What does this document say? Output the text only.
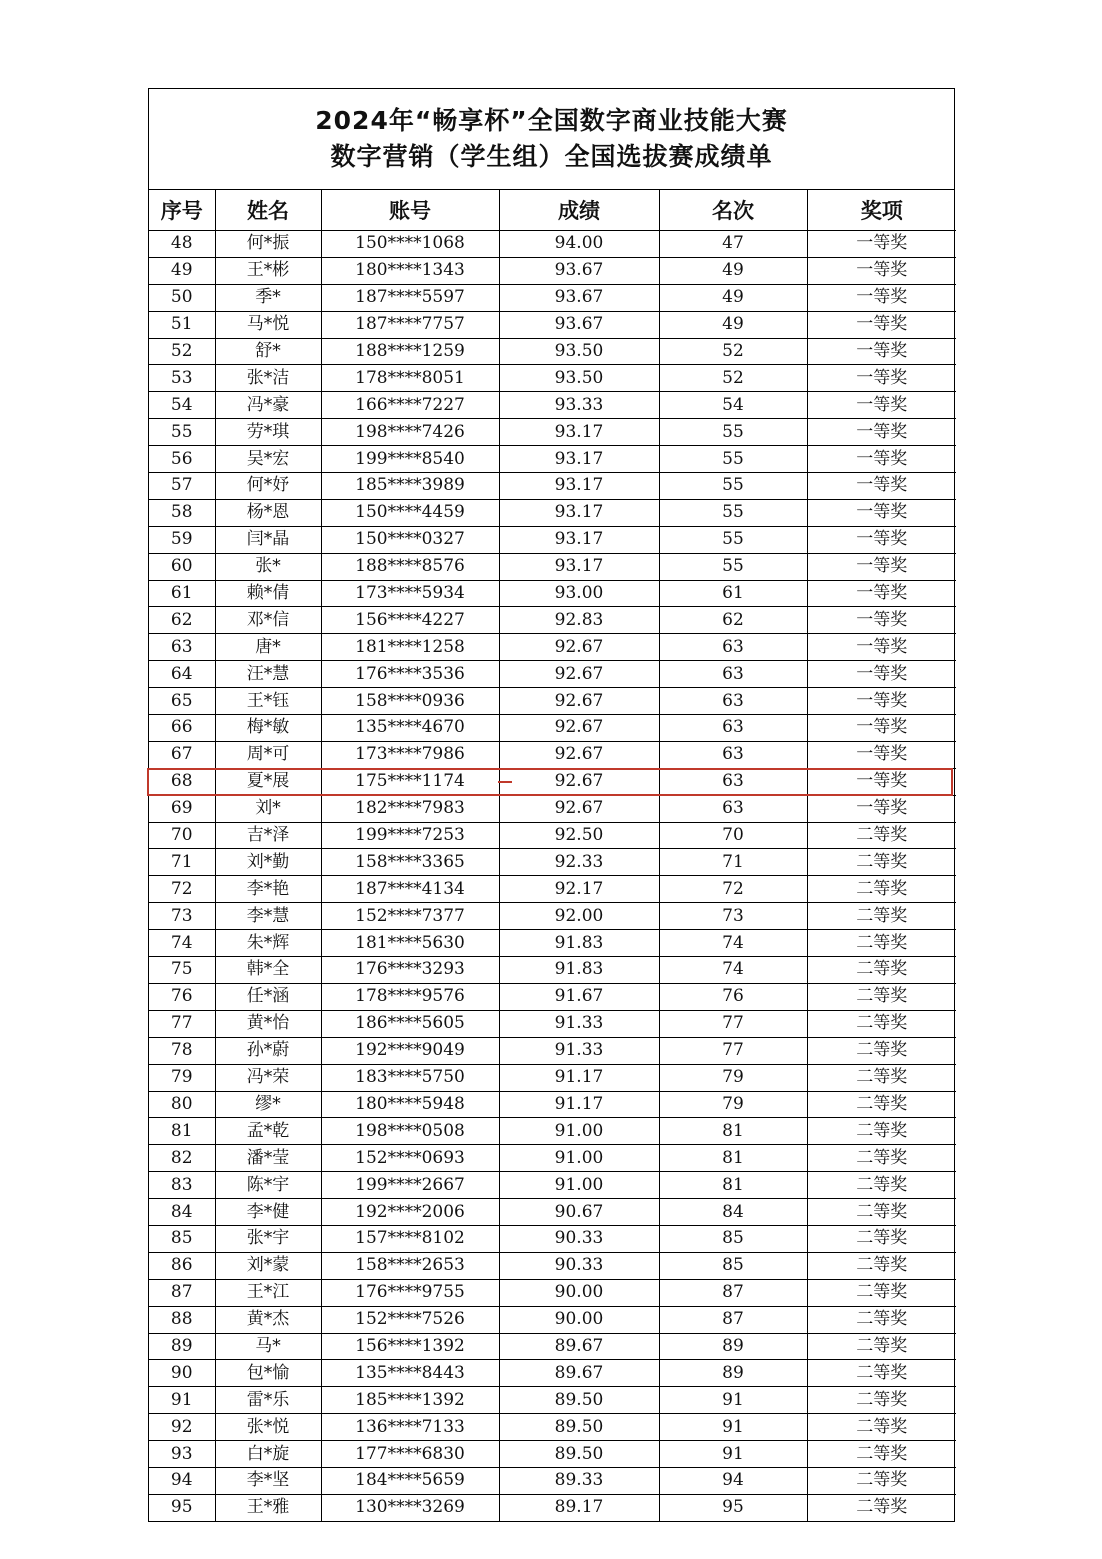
2024年“畅享杯”全国数字商业技能大赛
数字营销（学生组）全国选拔赛成绩单
序号	姓名	账号	成绩	名次	奖项
48	何*振	150****1068	94.00	47	一等奖
49	王*彬	180****1343	93.67	49	一等奖
50	季*	187****5597	93.67	49	一等奖
51	马*悦	187****7757	93.67	49	一等奖
52	舒*	188****1259	93.50	52	一等奖
53	张*洁	178****8051	93.50	52	一等奖
54	冯*豪	166****7227	93.33	54	一等奖
55	劳*琪	198****7426	93.17	55	一等奖
56	吴*宏	199****8540	93.17	55	一等奖
57	何*妤	185****3989	93.17	55	一等奖
58	杨*恩	150****4459	93.17	55	一等奖
59	闫*晶	150****0327	93.17	55	一等奖
60	张*	188****8576	93.17	55	一等奖
61	赖*倩	173****5934	93.00	61	一等奖
62	邓*信	156****4227	92.83	62	一等奖
63	唐*	181****1258	92.67	63	一等奖
64	汪*慧	176****3536	92.67	63	一等奖
65	王*钰	158****0936	92.67	63	一等奖
66	梅*敏	135****4670	92.67	63	一等奖
67	周*可	173****7986	92.67	63	一等奖
68	夏*展	175****1174	92.67	63	一等奖
69	刘*	182****7983	92.67	63	一等奖
70	吉*泽	199****7253	92.50	70	二等奖
71	刘*勤	158****3365	92.33	71	二等奖
72	李*艳	187****4134	92.17	72	二等奖
73	李*慧	152****7377	92.00	73	二等奖
74	朱*辉	181****5630	91.83	74	二等奖
75	韩*全	176****3293	91.83	74	二等奖
76	任*涵	178****9576	91.67	76	二等奖
77	黄*怡	186****5605	91.33	77	二等奖
78	孙*蔚	192****9049	91.33	77	二等奖
79	冯*荣	183****5750	91.17	79	二等奖
80	缪*	180****5948	91.17	79	二等奖
81	孟*乾	198****0508	91.00	81	二等奖
82	潘*莹	152****0693	91.00	81	二等奖
83	陈*宇	199****2667	91.00	81	二等奖
84	李*健	192****2006	90.67	84	二等奖
85	张*宇	157****8102	90.33	85	二等奖
86	刘*蒙	158****2653	90.33	85	二等奖
87	王*江	176****9755	90.00	87	二等奖
88	黄*杰	152****7526	90.00	87	二等奖
89	马*	156****1392	89.67	89	二等奖
90	包*愉	135****8443	89.67	89	二等奖
91	雷*乐	185****1392	89.50	91	二等奖
92	张*悦	136****7133	89.50	91	二等奖
93	白*旋	177****6830	89.50	91	二等奖
94	李*坚	184****5659	89.33	94	二等奖
95	王*雅	130****3269	89.17	95	二等奖
